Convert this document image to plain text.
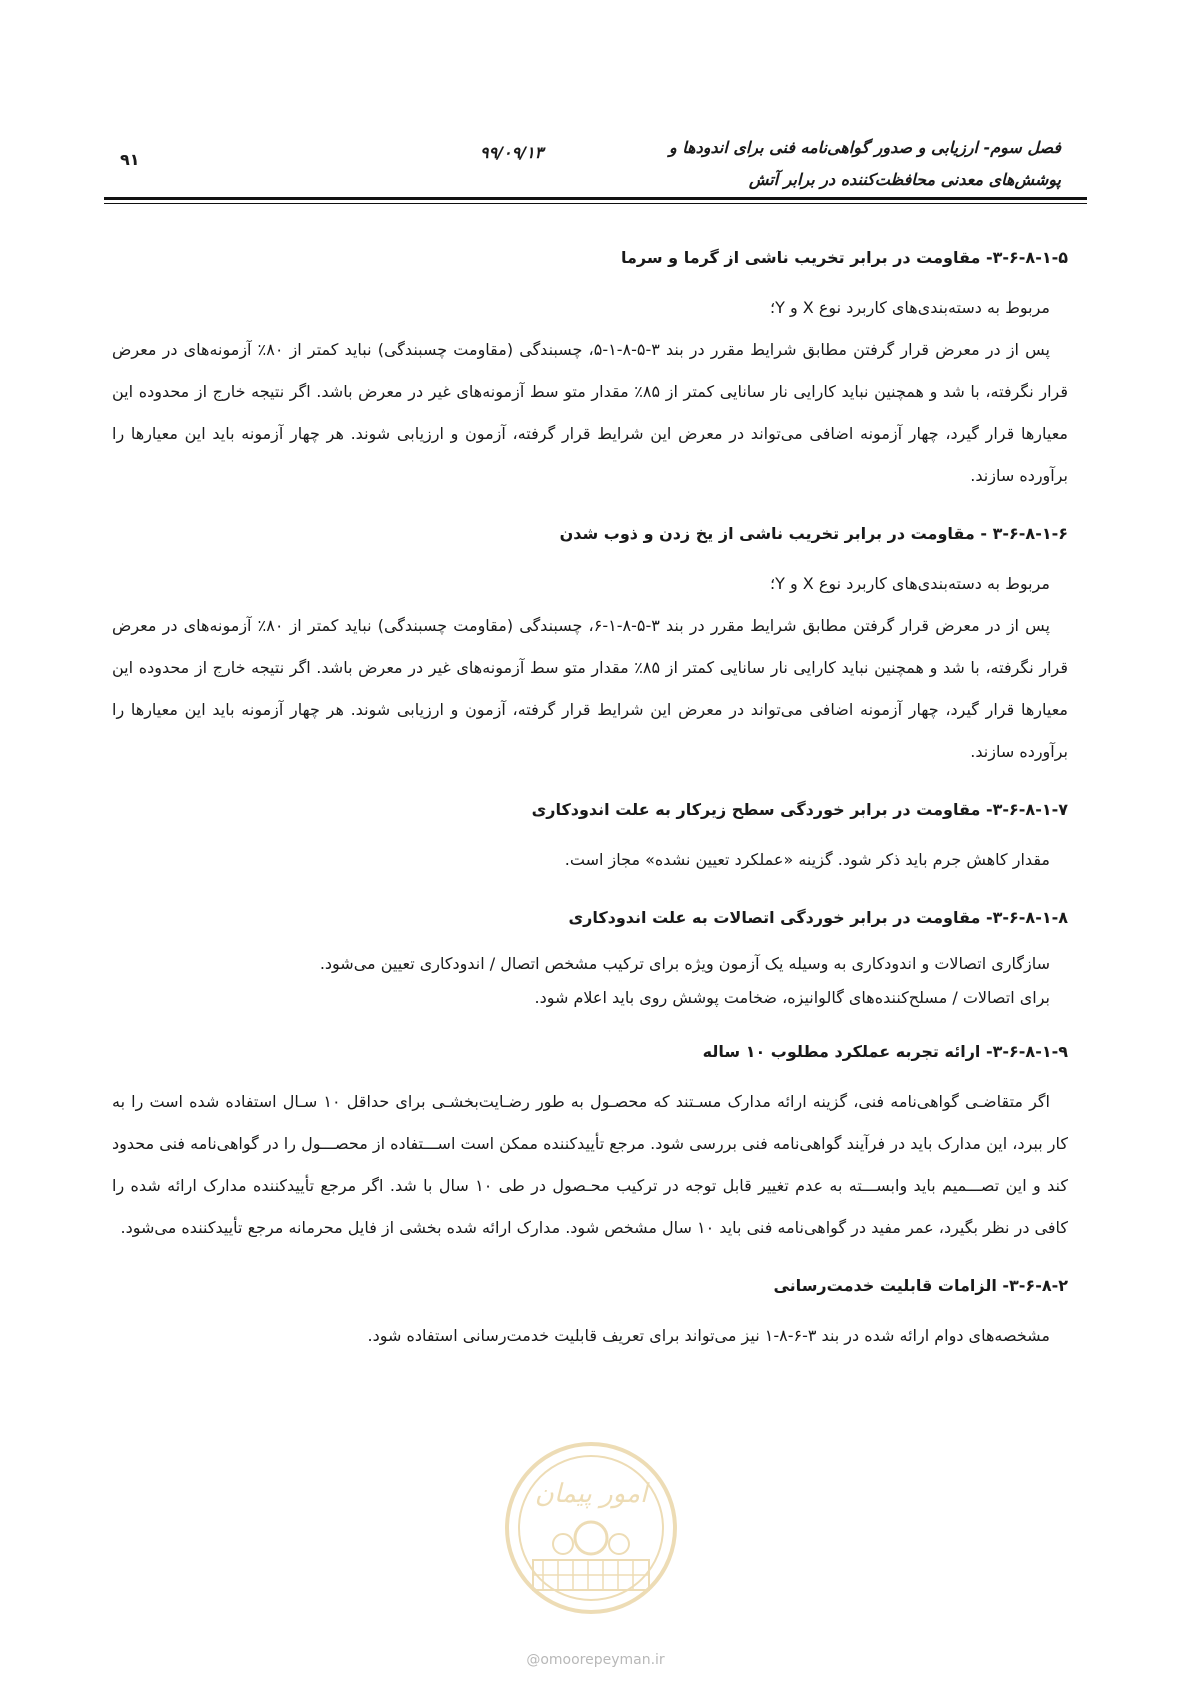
فصل سوم- ارزیابی و صدور گواهی‌نامه فنی برای اندودها و
پوشش‌های معدنی محافظت‌کننده در برابر آتش
۹۹/۰۹/۱۳
۹۱
۳-۶-۸-۱-۵- مقاومت در برابر تخریب ناشی از گرما و سرما

مربوط به دسته‌بندی‌های کاربرد نوع X و Y؛

پس از در معرض قرار گرفتن مطابق شرایط مقرر در بند ۳-۵-۸-۱-۵، چسبندگی (مقاومت چسبندگی) نباید کمتر از ۸۰٪ آزمونه‌های در معرض قرار نگرفته، با شد و همچنین نباید کارایی نار سانایی کمتر از ۸۵٪ مقدار متو سط آزمونه‌های غیر در معرض باشد. اگر نتیجه خارج از محدوده این معیارها قرار گیرد، چهار آزمونه اضافی می‌تواند در معرض این شرایط قرار گرفته، آزمون و ارزیابی شوند. هر چهار آزمونه باید این معیارها را برآورده سازند.

۳-۶-۸-۱-۶ - مقاومت در برابر تخریب ناشی از یخ زدن و ذوب شدن

مربوط به دسته‌بندی‌های کاربرد نوع X و Y؛

پس از در معرض قرار گرفتن مطابق شرایط مقرر در بند ۳-۵-۸-۱-۶، چسبندگی (مقاومت چسبندگی) نباید کمتر از ۸۰٪ آزمونه‌های در معرض قرار نگرفته، با شد و همچنین نباید کارایی نار سانایی کمتر از ۸۵٪ مقدار متو سط آزمونه‌های غیر در معرض باشد. اگر نتیجه خارج از محدوده این معیارها قرار گیرد، چهار آزمونه اضافی می‌تواند در معرض این شرایط قرار گرفته، آزمون و ارزیابی شوند. هر چهار آزمونه باید این معیارها را برآورده سازند.

۳-۶-۸-۱-۷- مقاومت در برابر خوردگی سطح زیرکار به علت اندودکاری

مقدار کاهش جرم باید ذکر شود. گزینه «عملکرد تعیین نشده» مجاز است.

۳-۶-۸-۱-۸- مقاومت در برابر خوردگی اتصالات به علت اندودکاری

سازگاری اتصالات و اندودکاری به وسیله یک آزمون ویژه برای ترکیب مشخص اتصال / اندودکاری تعیین می‌شود.

برای اتصالات / مسلح‌کننده‌های گالوانیزه، ضخامت پوشش روی باید اعلام شود.

۳-۶-۸-۱-۹- ارائه تجربه عملکرد مطلوب ۱۰ ساله

اگر متقاضـی گواهی‌نامه فنی، گزینه ارائه مدارک مسـتند که محصـول به طور رضـایت‌بخشـی برای حداقل ۱۰ سـال استفاده شده است را به کار ببرد، این مدارک باید در فرآیند گواهی‌نامه فنی بررسی شود. مرجع تأییدکننده ممکن است اســـتفاده از محصـــول را در گواهی‌نامه فنی محدود کند و این تصـــمیم باید وابســـته به عدم تغییر قابل توجه در ترکیب محـصول در طی ۱۰ سال با شد. اگر مرجع تأییدکننده مدارک ارائه شده را کافی در نظر بگیرد، عمر مفید در گواهی‌نامه فنی باید ۱۰ سال مشخص شود. مدارک ارائه شده بخشی از فایل محرمانه مرجع تأییدکننده می‌شود.

۳-۶-۸-۲- الزامات قابلیت خدمت‌رسانی

مشخصه‌های دوام ارائه شده در بند ۳-۶-۸-۱ نیز می‌تواند برای تعریف قابلیت خدمت‌رسانی استفاده شود.

امور پیمان
@omoorepeyman.ir
